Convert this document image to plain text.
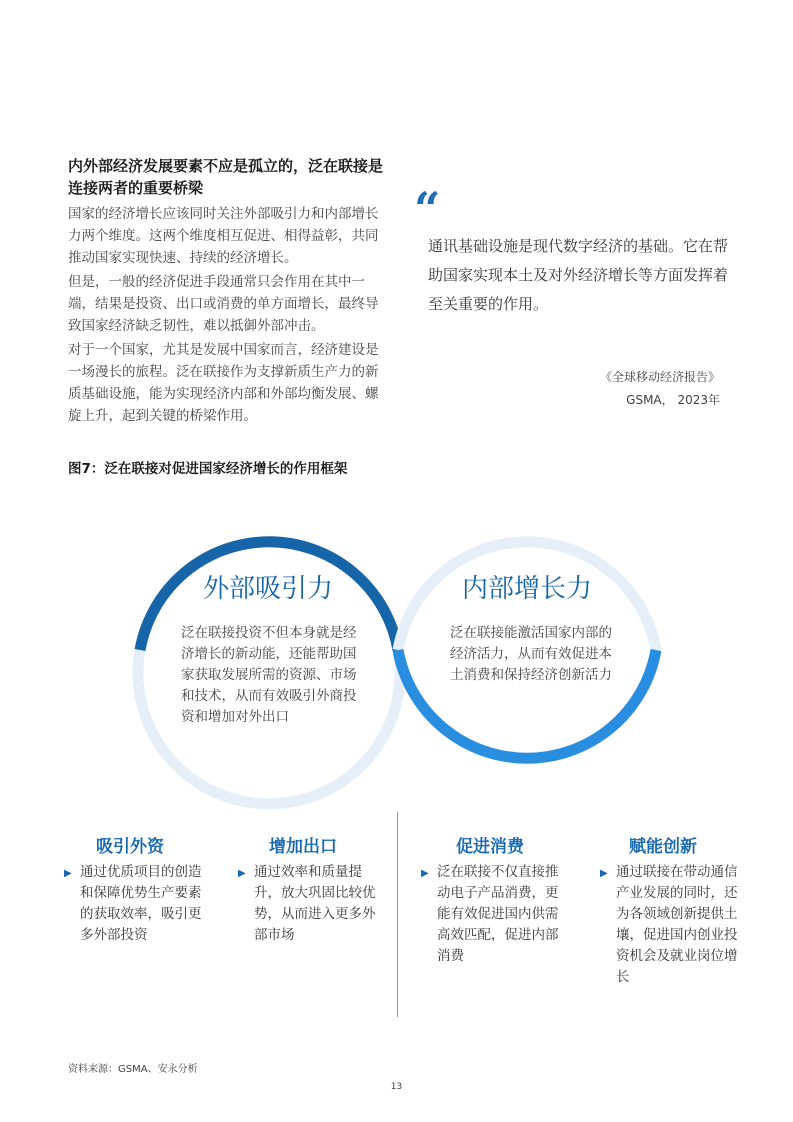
内外部经济发展要素不应是孤立的，泛在联接是连接两者的重要桥梁
国家的经济增长应该同时关注外部吸引力和内部增长力两个维度。这两个维度相互促进、相得益彰，共同推动国家实现快速、持续的经济增长。
但是，一般的经济促进手段通常只会作用在其中一端，结果是投资、出口或消费的单方面增长，最终导致国家经济缺乏韧性，难以抵御外部冲击。
对于一个国家，尤其是发展中国家而言，经济建设是一场漫长的旅程。泛在联接作为支撑新质生产力的新质基础设施，能为实现经济内部和外部均衡发展、螺旋上升，起到关键的桥梁作用。
“
通讯基础设施是现代数字经济的基础。它在帮助国家实现本土及对外经济增长等方面发挥着至关重要的作用。
《全球移动经济报告》
GSMA， 2023年
图7：泛在联接对促进国家经济增长的作用框架
外部吸引力
泛在联接投资不但本身就是经济增长的新动能，还能帮助国家获取发展所需的资源、市场和技术，从而有效吸引外商投资和增加对外出口
内部增长力
泛在联接能激活国家内部的经济活力，从而有效促进本土消费和保持经济创新活力
吸引外资	增加出口	促进消费	赋能创新
▶ 通过优质项目的创造和保障优势生产要素的获取效率，吸引更多外部投资
▶ 通过效率和质量提升，放大巩固比较优势，从而进入更多外部市场
▶ 泛在联接不仅直接推动电子产品消费，更能有效促进国内供需高效匹配，促进内部消费
▶ 通过联接在带动通信产业发展的同时，还为各领域创新提供土壤，促进国内创业投资机会及就业岗位增长
资料来源：GSMA、安永分析
13
